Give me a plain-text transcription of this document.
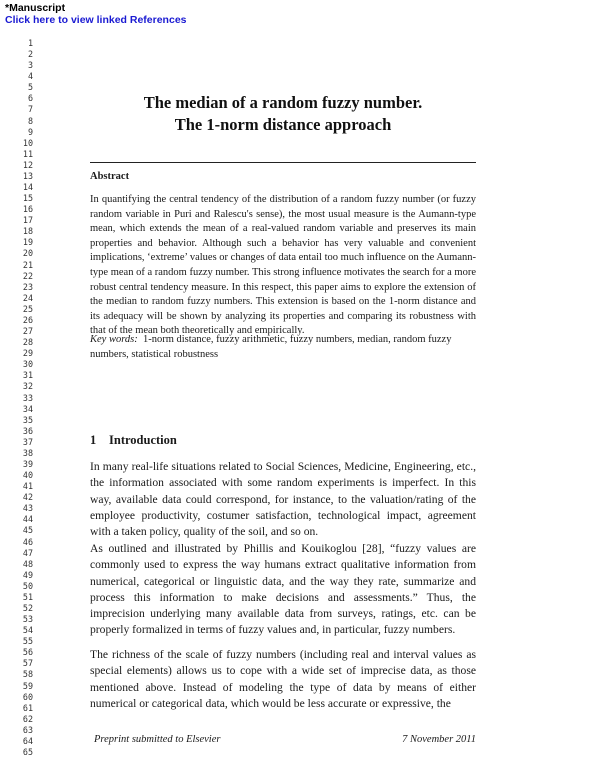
*Manuscript
Click here to view linked References
1
2
3
4
5
6
7
8
9
10
11
12
13
14
15
16
17
18
19
20
21
22
23
24
25
26
27
28
29
30
31
32
33
34
35
36
37
38
39
40
41
42
43
44
45
46
47
48
49
50
51
52
53
54
55
56
57
58
59
60
61
62
63
64
65
The median of a random fuzzy number.
The 1-norm distance approach
Abstract
In quantifying the central tendency of the distribution of a random fuzzy number (or fuzzy random variable in Puri and Ralescu's sense), the most usual measure is the Aumann-type mean, which extends the mean of a real-valued random variable and preserves its main properties and behavior. Although such a behavior has very valuable and convenient implications, ‘extreme’ values or changes of data entail too much influence on the Aumann-type mean of a random fuzzy number. This strong influence motivates the search for a more robust central tendency measure. In this respect, this paper aims to explore the extension of the median to random fuzzy numbers. This extension is based on the 1-norm distance and its adequacy will be shown by analyzing its properties and comparing its robustness with that of the mean both theoretically and empirically.
Key words: 1-norm distance, fuzzy arithmetic, fuzzy numbers, median, random fuzzy numbers, statistical robustness
1 Introduction
In many real-life situations related to Social Sciences, Medicine, Engineering, etc., the information associated with some random experiments is imperfect. In this way, available data could correspond, for instance, to the valuation/rating of the employee productivity, costumer satisfaction, technological impact, agreement with a taken policy, quality of the soil, and so on.
As outlined and illustrated by Phillis and Kouikoglou [28], “fuzzy values are commonly used to express the way humans extract qualitative information from numerical, categorical or linguistic data, and the way they rate, summarize and process this information to make decisions and assessments.” Thus, the imprecision underlying many available data from surveys, ratings, etc. can be properly formalized in terms of fuzzy values and, in particular, fuzzy numbers.
The richness of the scale of fuzzy numbers (including real and interval values as special elements) allows us to cope with a wide set of imprecise data, as those mentioned above. Instead of modeling the type of data by means of either numerical or categorical data, which would be less accurate or expressive, the
Preprint submitted to Elsevier	7 November 2011
